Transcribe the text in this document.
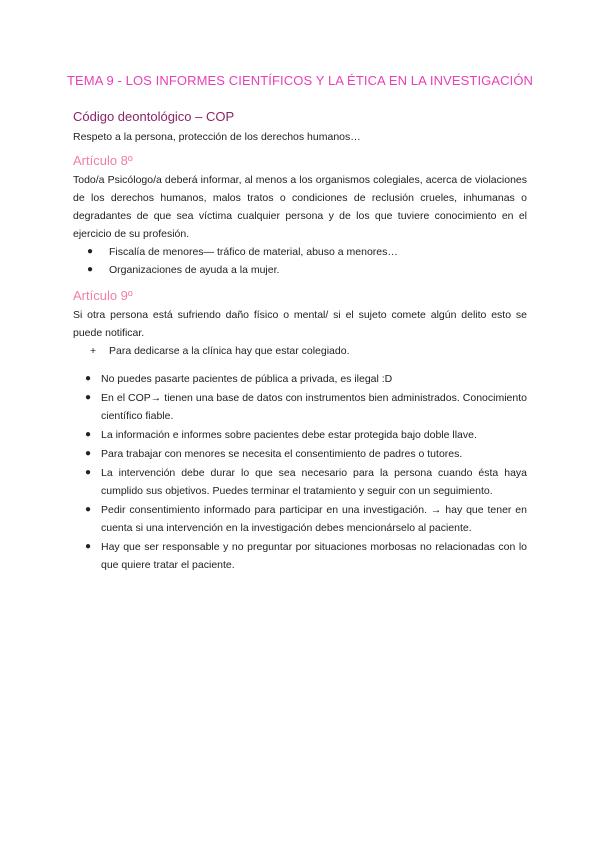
TEMA 9 - LOS INFORMES CIENTÍFICOS Y LA ÉTICA EN LA INVESTIGACIÓN
Código deontológico – COP

Respeto a la persona, protección de los derechos humanos…

Artículo 8º

Todo/a Psicólogo/a deberá informar, al menos a los organismos colegiales, acerca de violaciones de los derechos humanos, malos tratos o condiciones de reclusión crueles, inhumanas o degradantes de que sea víctima cualquier persona y de los que tuviere conocimiento en el ejercicio de su profesión.

● Fiscalía de menores— tráfico de material, abuso a menores…
● Organizaciones de ayuda a la mujer.
Artículo 9º

Si otra persona está sufriendo daño físico o mental/ si el sujeto comete algún delito esto se puede notificar.

+ Para dedicarse a la clínica hay que estar colegiado.
● No puedes pasarte pacientes de pública a privada, es ilegal :D
● En el COP→ tienen una base de datos con instrumentos bien administrados. Conocimiento científico fiable.
● La información e informes sobre pacientes debe estar protegida bajo doble llave.
● Para trabajar con menores se necesita el consentimiento de padres o tutores.
● La intervención debe durar lo que sea necesario para la persona cuando ésta haya cumplido sus objetivos. Puedes terminar el tratamiento y seguir con un seguimiento.
● Pedir consentimiento informado para participar en una investigación. → hay que tener en cuenta si una intervención en la investigación debes mencionárselo al paciente.
● Hay que ser responsable y no preguntar por situaciones morbosas no relacionadas con lo que quiere tratar el paciente.
